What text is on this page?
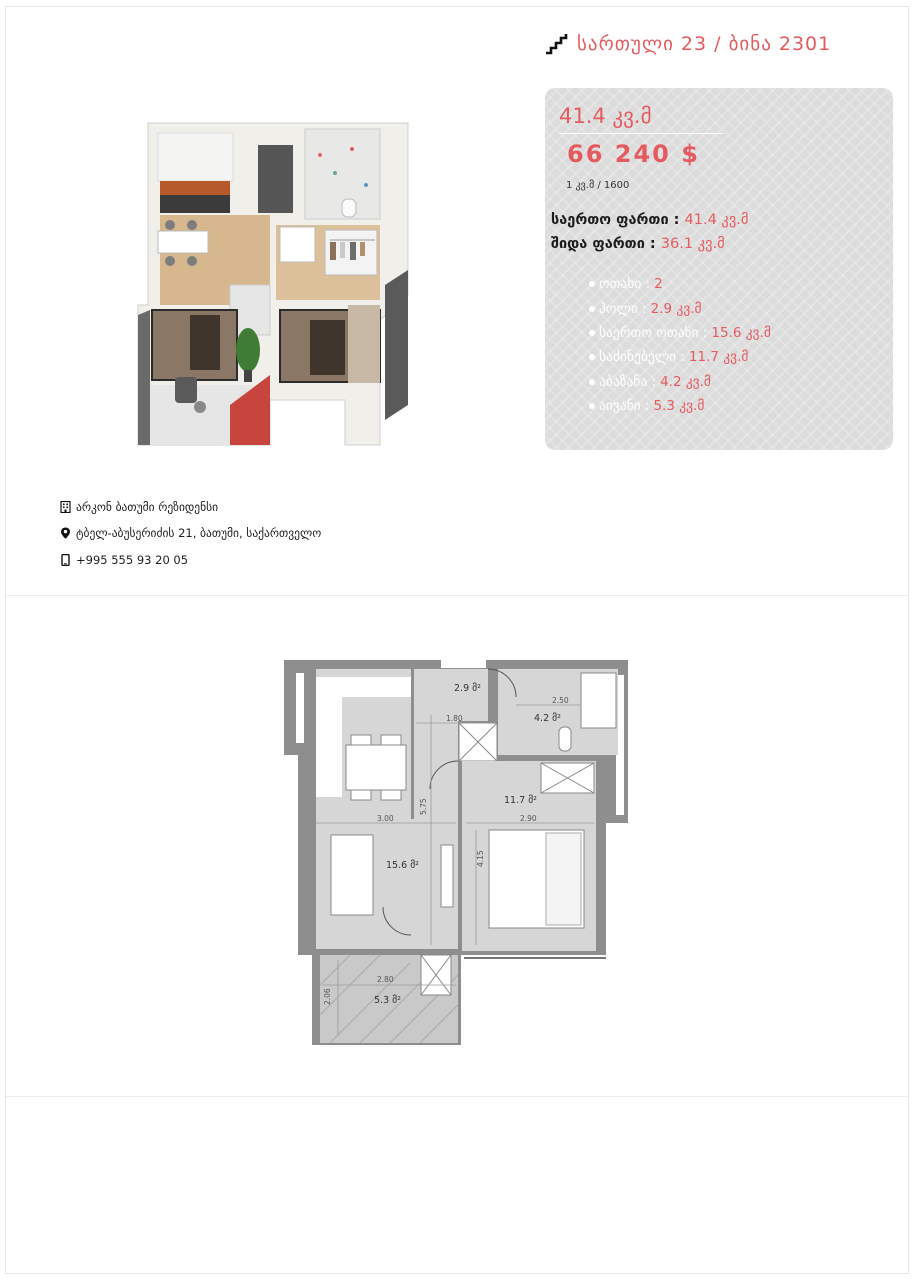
სართული 23 / ბინა 2301
41.4 კვ.მ
66 240 $
1 კვ.მ / 1600
საერთო ფართი : 41.4 კვ.მ
შიდა ფართი : 36.1 კვ.მ
ოთახი : 2
ჰოლი : 2.9 კვ.მ
საერთო ოთახი : 15.6 კვ.მ
საძინებელი : 11.7 კვ.მ
აბაზანა : 4.2 კვ.მ
აივანი : 5.3 კვ.მ
არკონ ბათუმი რეზიდენსი
ტბელ-აბუსერიძის 21, ბათუმი, საქართველო
+995 555 93 20 05
2.9 მ²
4.2 მ²
11.7 მ²
15.6 მ²
5.3 მ²
1.80
2.50
5.75
3.00	2.90
4.15
2.80
2.06
